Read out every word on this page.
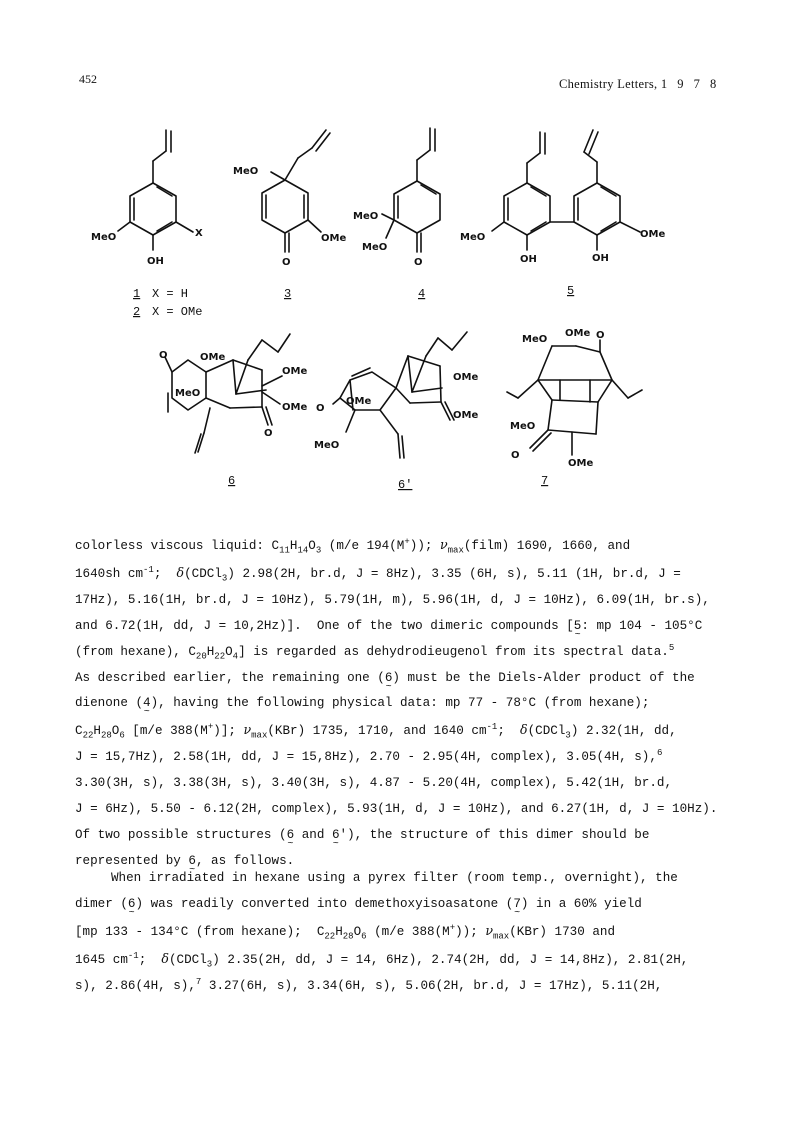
452	Chemistry Letters, 1 9 7 8
MeO	X
OH
MeO
OMe
O
MeO
MeO
O
MeO
OH	OH
OMe
O	OMe
MeO
OMe
OMe
O
O
OMe
MeO
OMe
OMe
MeO
OMe O
MeO
O
OMe
1 X = H
2 X = OMe
3	4	5
6	6'	7
colorless viscous liquid: $C_{11}H_{14}O_3$ (m/e 194(M+)); $\nu_{max}(film)$ 1690, 1660, and
1640sh $cm^{-1}$;  δ(CDCl$_3$) 2.98(2H, br.d, J = 8Hz), 3.35 (6H, s), 5.11 (1H, br.d, J =
17Hz), 5.16(1H, br.d, J = 10Hz), 5.79(1H, m), 5.96(1H, d, J = 10Hz), 6.09(1H, br.s),
and 6.72(1H, dd, J = 10,2Hz)].  One of the two dimeric compounds [5 ~: mp 104 - 105°C
(from hexane), $C_{20}H_{22}O_4$] is regarded as dehydrodieugenol from its spectral data.$^5$
As described earlier, the remaining one (6 ~) must be the Diels-Alder product of the
dienone (4 ~), having the following physical data: mp 77 - 78°C (from hexane);
$C_{22}H_{28}O_6$ [m/e 388(M+)]; $\nu_{max}(KBr)$ 1735, 1710, and 1640 $cm^{-1}$;  δ(CDCl$_3$) 2.32(1H, dd,
J = 15,7Hz), 2.58(1H, dd, J = 15,8Hz), 2.70 - 2.95(4H, complex), 3.05(4H, s),$^6$
3.30(3H, s), 3.38(3H, s), 3.40(3H, s), 4.87 - 5.20(4H, complex), 5.42(1H, br.d,
J = 6Hz), 5.50 - 6.12(2H, complex), 5.93(1H, d, J = 10Hz), and 6.27(1H, d, J = 10Hz).
Of two possible structures (6 ~ and 6 ~'), the structure of this dimer should be
represented by 6 ~, as follows.
When irradiated in hexane using a pyrex filter (room temp., overnight), the
dimer (6 ~) was readily converted into demethoxyisoasatone (7 ~) in a 60% yield
[mp 133 - 134°C (from hexane);  $C_{22}H_{28}O_6$ (m/e 388(M+)); $\nu_{max}(KBr)$ 1730 and
1645 $cm^{-1}$;  δ(CDCl$_3$) 2.35(2H, dd, J = 14, 6Hz), 2.74(2H, dd, J = 14,8Hz), 2.81(2H,
s), 2.86(4H, s),$^7$ 3.27(6H, s), 3.34(6H, s), 5.06(2H, br.d, J = 17Hz), 5.11(2H,
